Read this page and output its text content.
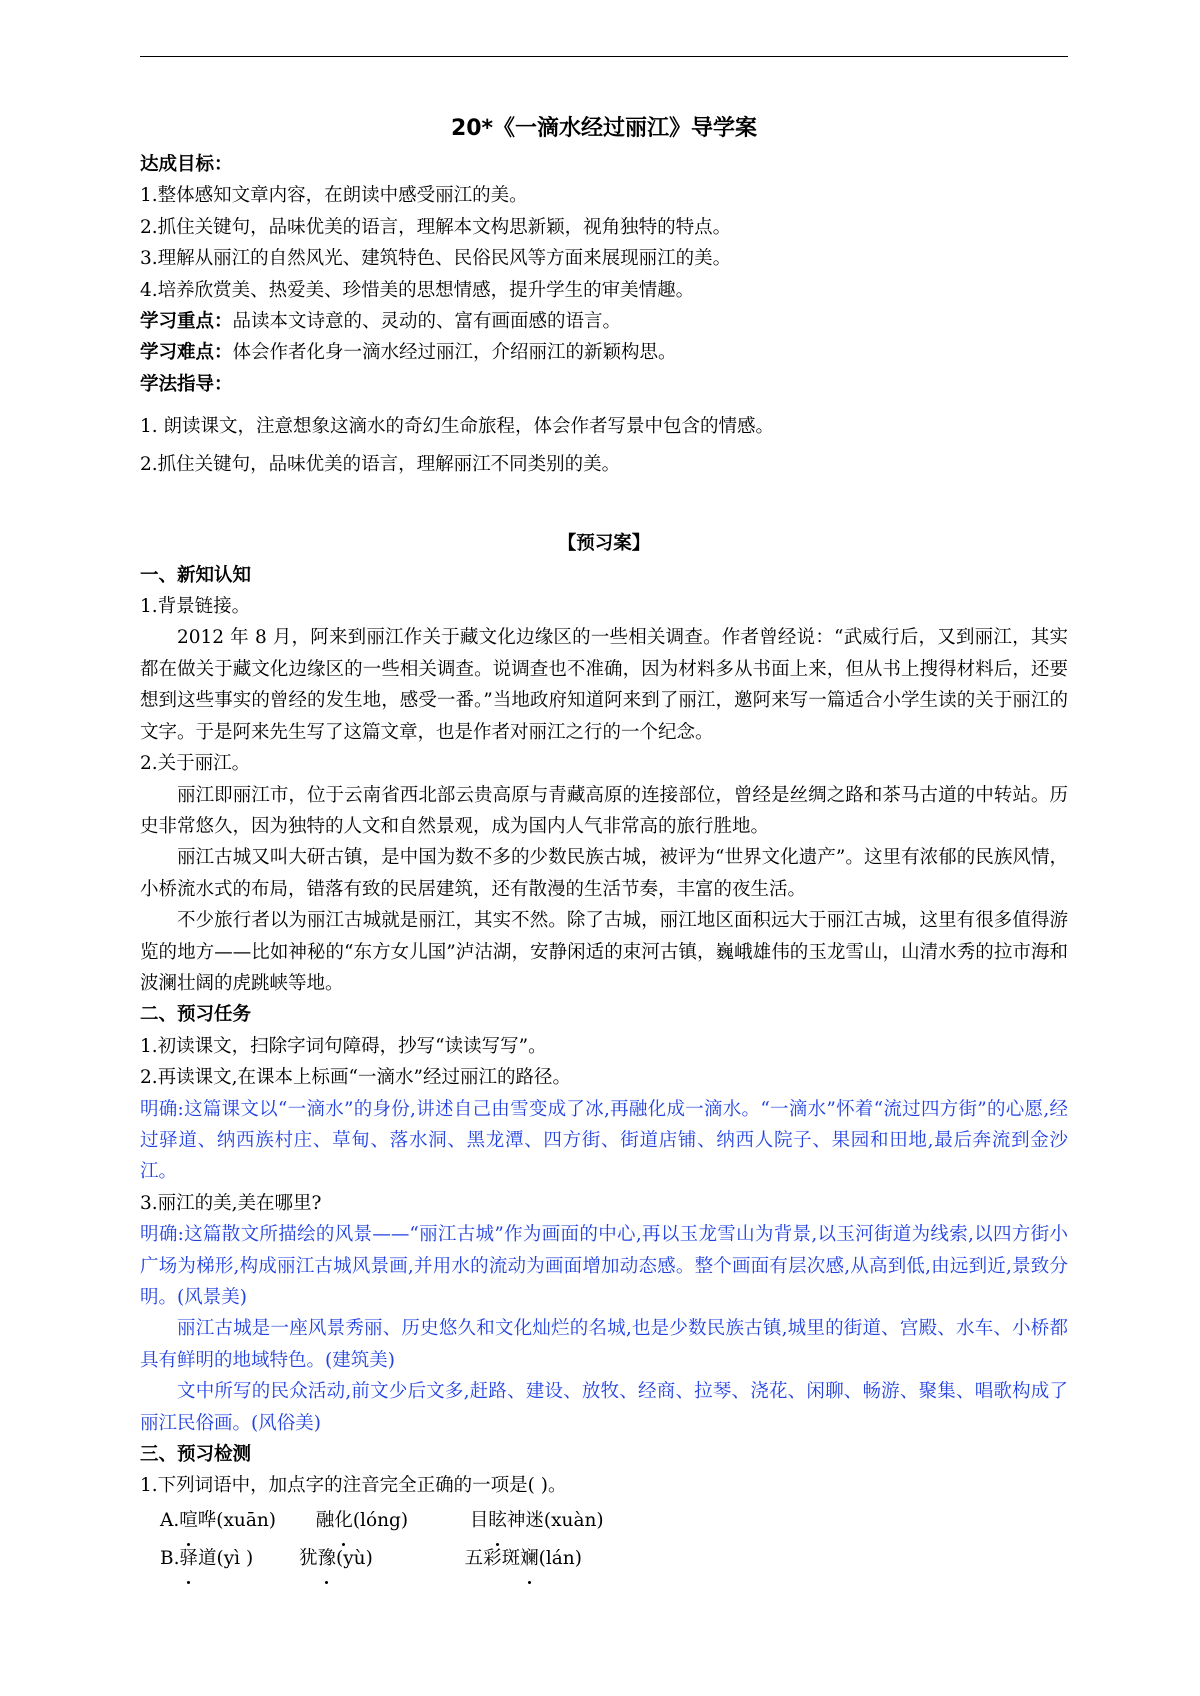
20*《一滴水经过丽江》导学案
达成目标：
1.整体感知文章内容，在朗读中感受丽江的美。
2.抓住关键句，品味优美的语言，理解本文构思新颖，视角独特的特点。
3.理解从丽江的自然风光、建筑特色、民俗民风等方面来展现丽江的美。
4.培养欣赏美、热爱美、珍惜美的思想情感，提升学生的审美情趣。
学习重点：品读本文诗意的、灵动的、富有画面感的语言。
学习难点：体会作者化身一滴水经过丽江，介绍丽江的新颖构思。
学法指导：
1. 朗读课文，注意想象这滴水的奇幻生命旅程，体会作者写景中包含的情感。
2.抓住关键句，品味优美的语言，理解丽江不同类别的美。
【预习案】
一、新知认知
1.背景链接。
2012 年 8 月，阿来到丽江作关于藏文化边缘区的一些相关调查。作者曾经说：“武威行后，又到丽江，其实都在做关于藏文化边缘区的一些相关调查。说调查也不准确，因为材料多从书面上来，但从书上搜得材料后，还要想到这些事实的曾经的发生地，感受一番。”当地政府知道阿来到了丽江，邀阿来写一篇适合小学生读的关于丽江的文字。于是阿来先生写了这篇文章，也是作者对丽江之行的一个纪念。
2.关于丽江。
丽江即丽江市，位于云南省西北部云贵高原与青藏高原的连接部位，曾经是丝绸之路和茶马古道的中转站。历史非常悠久，因为独特的人文和自然景观，成为国内人气非常高的旅行胜地。
丽江古城又叫大研古镇，是中国为数不多的少数民族古城，被评为“世界文化遗产”。这里有浓郁的民族风情，小桥流水式的布局，错落有致的民居建筑，还有散漫的生活节奏，丰富的夜生活。
不少旅行者以为丽江古城就是丽江，其实不然。除了古城，丽江地区面积远大于丽江古城，这里有很多值得游览的地方——比如神秘的“东方女儿国”泸沽湖，安静闲适的束河古镇，巍峨雄伟的玉龙雪山，山清水秀的拉市海和波澜壮阔的虎跳峡等地。
二、预习任务
1.初读课文，扫除字词句障碍，抄写“读读写写”。
2.再读课文,在课本上标画“一滴水”经过丽江的路径。
明确:这篇课文以“一滴水”的身份,讲述自己由雪变成了冰,再融化成一滴水。“一滴水”怀着“流过四方街”的心愿,经过驿道、纳西族村庄、草甸、落水洞、黑龙潭、四方街、街道店铺、纳西人院子、果园和田地,最后奔流到金沙江。
3.丽江的美,美在哪里?
明确:这篇散文所描绘的风景——“丽江古城”作为画面的中心,再以玉龙雪山为背景,以玉河街道为线索,以四方街小广场为梯形,构成丽江古城风景画,并用水的流动为画面增加动态感。整个画面有层次感,从高到低,由远到近,景致分明。(风景美)
丽江古城是一座风景秀丽、历史悠久和文化灿烂的名城,也是少数民族古镇,城里的街道、宫殿、水车、小桥都具有鲜明的地域特色。(建筑美)
文中所写的民众活动,前文少后文多,赶路、建设、放牧、经商、拉琴、浇花、闲聊、畅游、聚集、唱歌构成了丽江民俗画。(风俗美)
三、预习检测
1.下列词语中，加点字的注音完全正确的一项是( )。
A.喧哗(xuān) 融化(lóng)	目眩神迷(xuàn)
B.驿道(yì ) 犹豫(yù)	五彩斑斓(lán)
